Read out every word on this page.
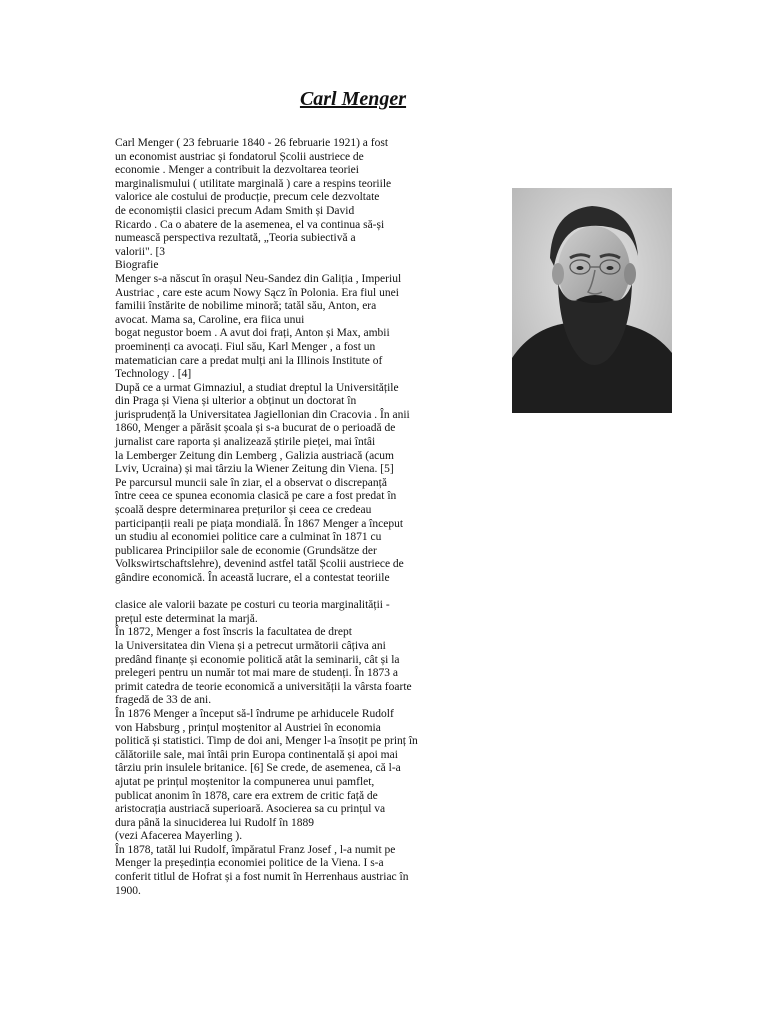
Carl Menger
Carl Menger ( 23 februarie 1840 - 26 februarie 1921) a fost
un economist austriac și fondatorul Școlii austriece de
economie . Menger a contribuit la dezvoltarea teoriei
marginalismului ( utilitate marginală ) care a respins teoriile
valorice ale costului de producție, precum cele dezvoltate
de economiștii clasici precum Adam Smith și David
Ricardo . Ca o abatere de la asemenea, el va continua să-și
numească perspectiva rezultată, „Teoria subiectivă a
valorii". [3
Biografie
Menger s-a născut în orașul Neu-Sandez din Galiția , Imperiul
Austriac , care este acum Nowy Sącz în Polonia. Era fiul unei
familii înstărite de nobilime minoră; tatăl său, Anton, era
avocat. Mama sa, Caroline, era fiica unui
bogat negustor boem . A avut doi frați, Anton și Max, ambii
proeminenți ca avocați. Fiul său, Karl Menger , a fost un
matematician care a predat mulți ani la Illinois Institute of
Technology . [4]
După ce a urmat Gimnaziul, a studiat dreptul la Universitățile
din Praga și Viena și ulterior a obținut un doctorat în
jurisprudență la Universitatea Jagiellonian din Cracovia . În anii
1860, Menger a părăsit școala și s-a bucurat de o perioadă de
jurnalist care raporta și analizează știrile pieței, mai întâi
la Lemberger Zeitung din Lemberg , Galizia austriacă (acum
Lviv, Ucraina) și mai târziu la Wiener Zeitung din Viena. [5]
Pe parcursul muncii sale în ziar, el a observat o discrepanță
între ceea ce spunea economia clasică pe care a fost predat în
școală despre determinarea prețurilor și ceea ce credeau
participanții reali pe piața mondială. În 1867 Menger a început
un studiu al economiei politice care a culminat în 1871 cu
publicarea Principiilor sale de economie (Grundsätze der
Volkswirtschaftslehre), devenind astfel tatăl Școlii austriece de
gândire economică. În această lucrare, el a contestat teoriile
clasice ale valorii bazate pe costuri cu teoria marginalității -
prețul este determinat la marjă.
În 1872, Menger a fost înscris la facultatea de drept
la Universitatea din Viena și a petrecut următorii câțiva ani
predând finanțe și economie politică atât la seminarii, cât și la
prelegeri pentru un număr tot mai mare de studenți. În 1873 a
primit catedra de teorie economică a universității la vârsta foarte
fragedă de 33 de ani.
În 1876 Menger a început să-l îndrume pe arhiducele Rudolf
von Habsburg , prințul moștenitor al Austriei în economia
politică și statistici. Timp de doi ani, Menger l-a însoțit pe prinț în
călătoriile sale, mai întâi prin Europa continentală și apoi mai
târziu prin insulele britanice. [6] Se crede, de asemenea, că l-a
ajutat pe prințul moștenitor la compunerea unui pamflet,
publicat anonim în 1878, care era extrem de critic față de
aristocrația austriacă superioară. Asocierea sa cu prințul va
dura până la sinuciderea lui Rudolf în 1889
(vezi Afacerea Mayerling ).
În 1878, tatăl lui Rudolf, împăratul Franz Josef , l-a numit pe
Menger la președinția economiei politice de la Viena. I s-a
conferit titlul de Hofrat și a fost numit în Herrenhaus austriac în
1900.
